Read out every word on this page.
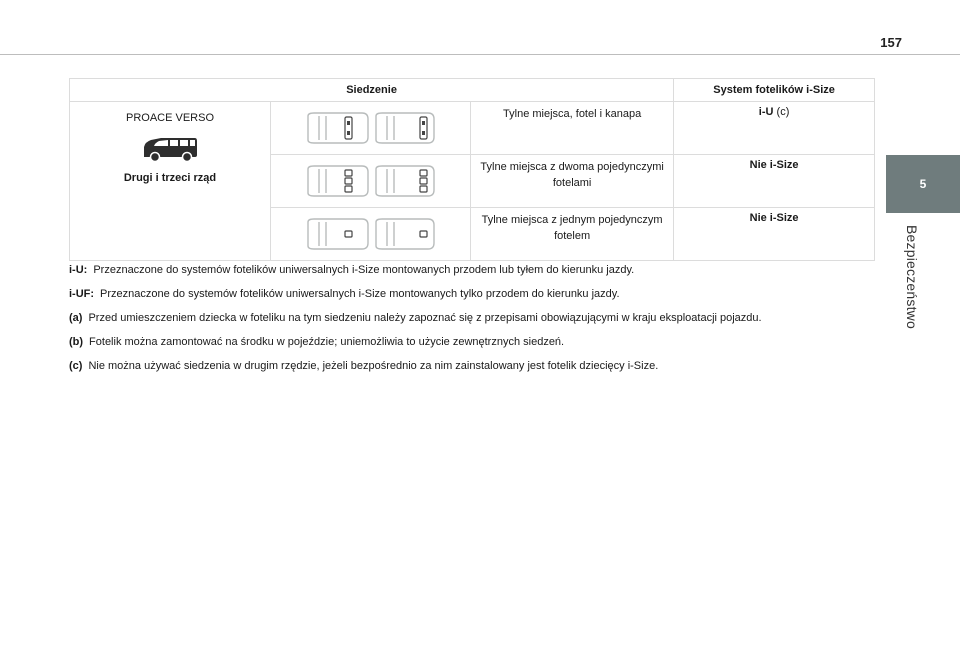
157
5
Bezpieczeństwo
Siedzenie			System fotelików i-Size

PROACE VERSO
Drugi i trzeci rząd		Tylne miejsca, fotel i kanapa	i-U (c)

	Tylne miejsca z dwoma pojedynczymi fotelami	Nie i-Size

	Tylne miejsca z jednym pojedynczym fotelem	Nie i-Size

i-U: Przeznaczone do systemów fotelików uniwersalnych i-Size montowanych przodem lub tyłem do kierunku jazdy.

i-UF: Przeznaczone do systemów fotelików uniwersalnych i-Size montowanych tylko przodem do kierunku jazdy.

(a) Przed umieszczeniem dziecka w foteliku na tym siedzeniu należy zapoznać się z przepisami obowiązującymi w kraju eksploatacji pojazdu.

(b) Fotelik można zamontować na środku w pojeździe; uniemożliwia to użycie zewnętrznych siedzeń.

(c) Nie można używać siedzenia w drugim rzędzie, jeżeli bezpośrednio za nim zainstalowany jest fotelik dziecięcy i-Size.
